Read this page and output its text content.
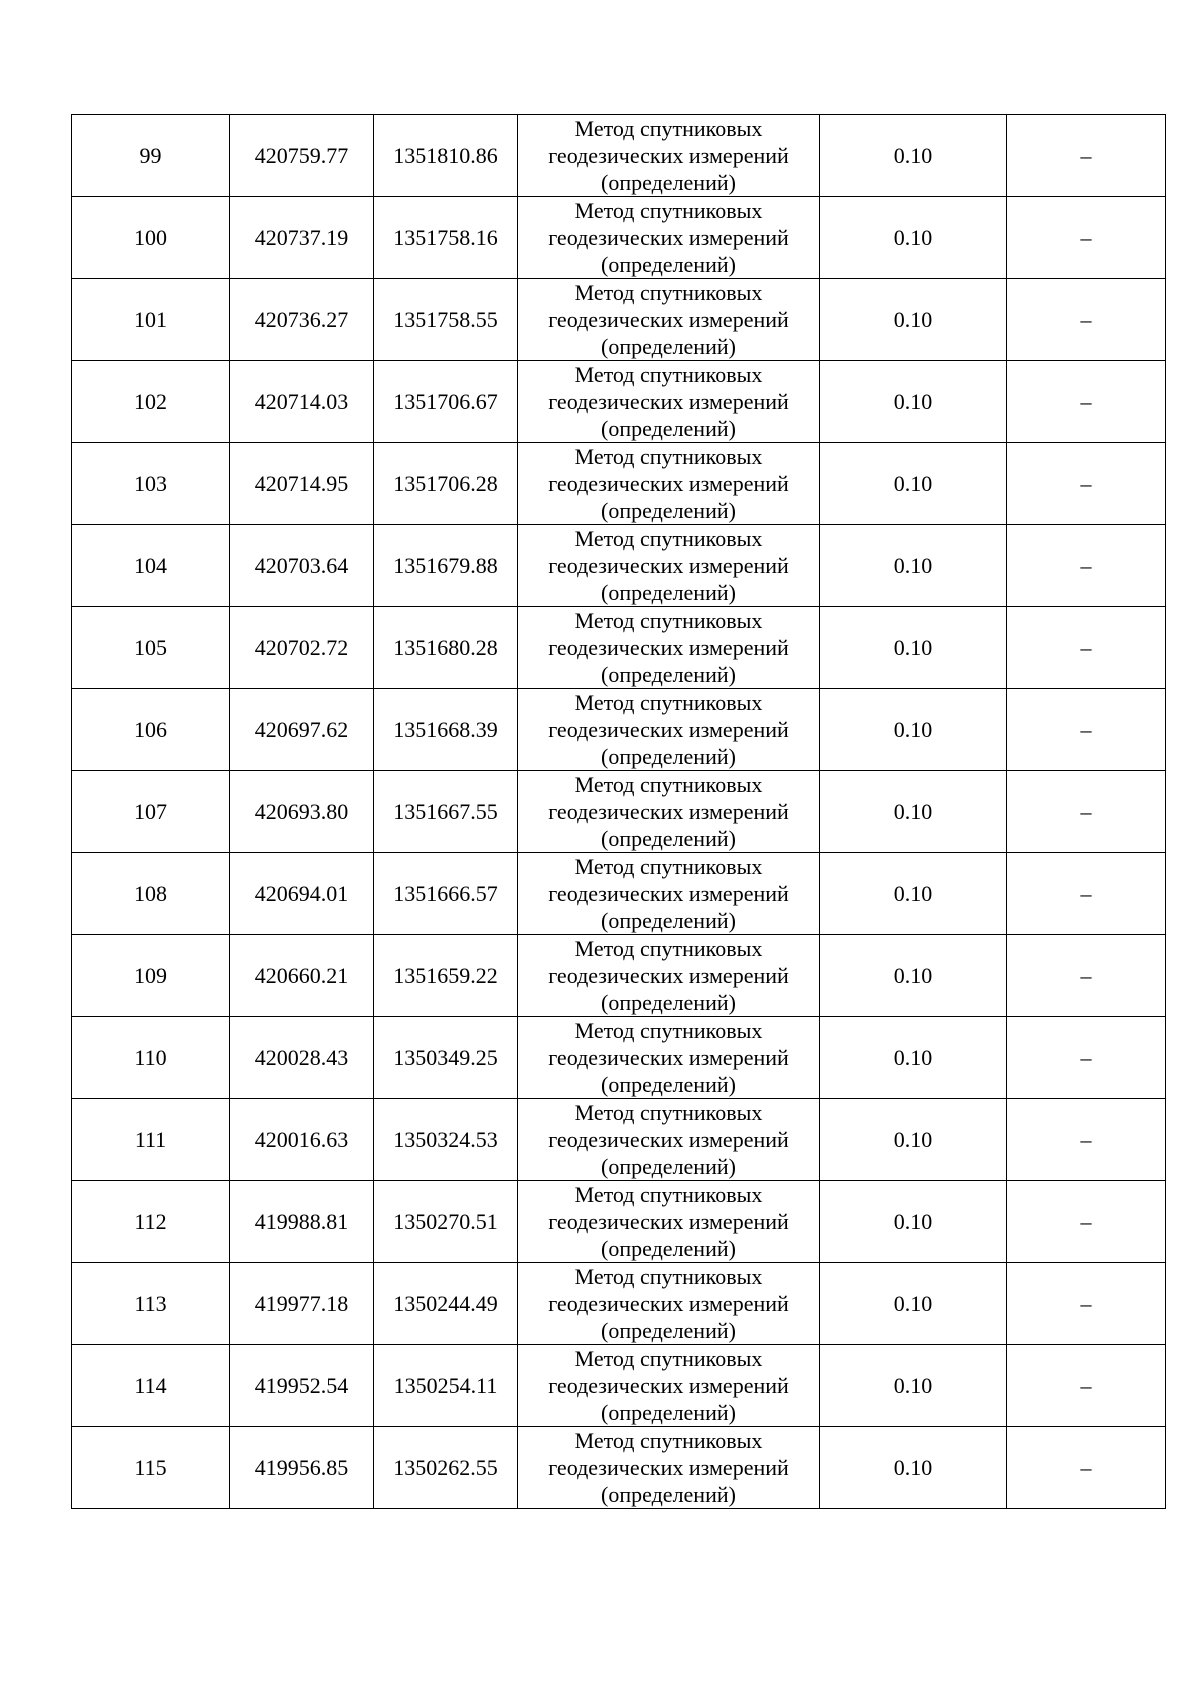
99	420759.77	1351810.86	Метод спутниковых
геодезических измерений
(определений)	0.10	–
100	420737.19	1351758.16	Метод спутниковых
геодезических измерений
(определений)	0.10	–
101	420736.27	1351758.55	Метод спутниковых
геодезических измерений
(определений)	0.10	–
102	420714.03	1351706.67	Метод спутниковых
геодезических измерений
(определений)	0.10	–
103	420714.95	1351706.28	Метод спутниковых
геодезических измерений
(определений)	0.10	–
104	420703.64	1351679.88	Метод спутниковых
геодезических измерений
(определений)	0.10	–
105	420702.72	1351680.28	Метод спутниковых
геодезических измерений
(определений)	0.10	–
106	420697.62	1351668.39	Метод спутниковых
геодезических измерений
(определений)	0.10	–
107	420693.80	1351667.55	Метод спутниковых
геодезических измерений
(определений)	0.10	–
108	420694.01	1351666.57	Метод спутниковых
геодезических измерений
(определений)	0.10	–
109	420660.21	1351659.22	Метод спутниковых
геодезических измерений
(определений)	0.10	–
110	420028.43	1350349.25	Метод спутниковых
геодезических измерений
(определений)	0.10	–
111	420016.63	1350324.53	Метод спутниковых
геодезических измерений
(определений)	0.10	–
112	419988.81	1350270.51	Метод спутниковых
геодезических измерений
(определений)	0.10	–
113	419977.18	1350244.49	Метод спутниковых
геодезических измерений
(определений)	0.10	–
114	419952.54	1350254.11	Метод спутниковых
геодезических измерений
(определений)	0.10	–
115	419956.85	1350262.55	Метод спутниковых
геодезических измерений
(определений)	0.10	–
